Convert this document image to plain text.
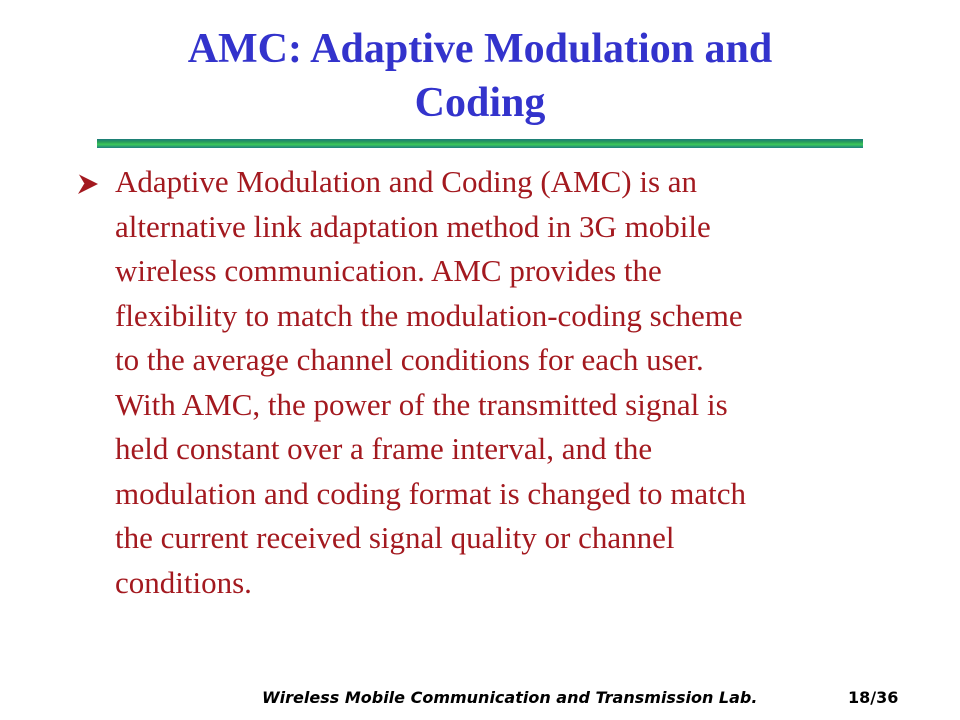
AMC: Adaptive Modulation and
Coding
Adaptive Modulation and Coding (AMC) is an
alternative link adaptation method in 3G mobile
wireless communication. AMC provides the
flexibility to match the modulation-coding scheme
to the average channel conditions for each user.
With AMC, the power of the transmitted signal is
held constant over a frame interval, and the
modulation and coding format is changed to match
the current received signal quality or channel
conditions.
Wireless Mobile Communication and Transmission Lab.	18/36
